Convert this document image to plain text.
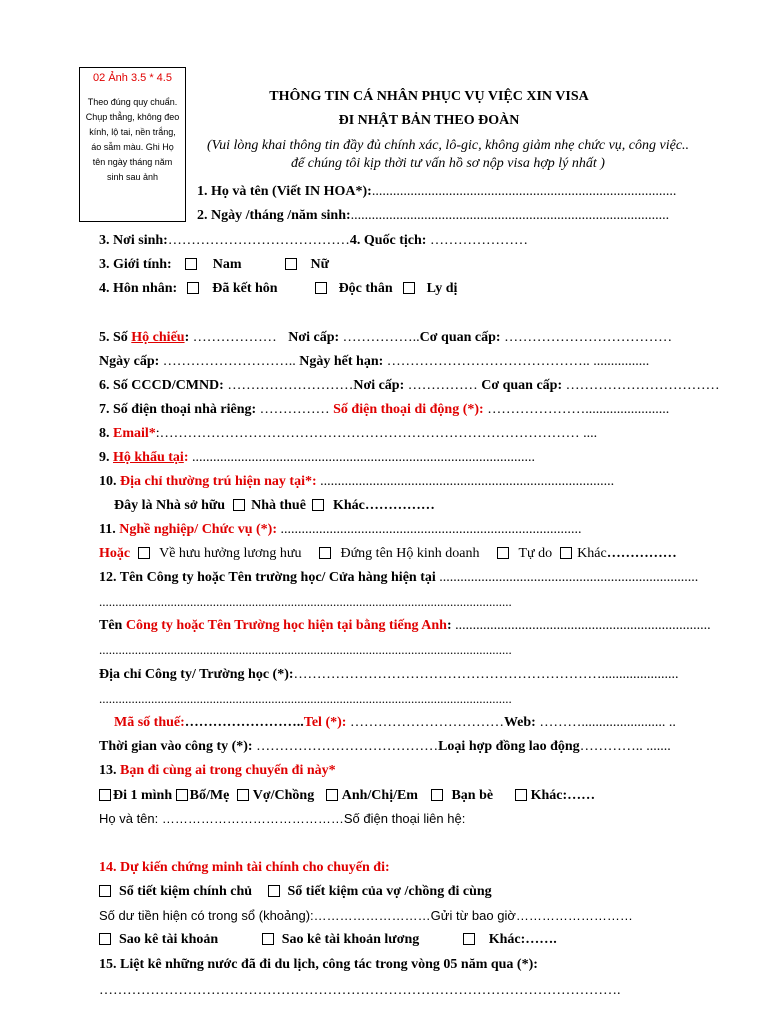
02 Ảnh 3.5 * 4.5
Theo đúng quy chuẩn. Chụp thẳng, không đeo kính, lộ tai, nền trắng, áo sẫm màu. Ghi Họ tên ngày tháng năm sinh sau ảnh
THÔNG TIN CÁ NHÂN PHỤC VỤ VIỆC XIN VISA
ĐI NHẬT BẢN THEO ĐOÀN
(Vui lòng khai thông tin đầy đủ chính xác, lô-gic, không giảm nhẹ chức vụ, công việc..
để chúng tôi kịp thời tư vấn hồ sơ nộp visa hợp lý nhất )
1. Họ và tên (Viết IN HOA*):.......................................................................................
2. Ngày /tháng /năm sinh:...........................................................................................
3. Nơi sinh:…………………………………4. Quốc tịch: …………………
3. Giới tính:	Nam	Nữ
4. Hôn nhân:	Đã kết hôn	Độc thân Ly dị
5. Số Hộ chiếu: ……………… Nơi cấp: ……………..Cơ quan cấp: ………………………………
Ngày cấp: ……………………….. Ngày hết hạn: …………………………………….. ................
6. Số CCCD/CMND: ………………………Nơi cấp: …………… Cơ quan cấp: ……………………………
7. Số điện thoại nhà riêng: …………… Số điện thoại di động (*): …………………........................
8. Email*:……………………………………………………………………………… ....
9. Hộ khẩu tại: ..................................................................................................
10. Địa chỉ thường trú hiện nay tại*: ....................................................................................
Đây là Nhà sở hữu Nhà thuê Khác……………
11. Nghề nghiệp/ Chức vụ (*): ......................................................................................
Hoặc Về hưu hưởng lương hưu	Đứng tên Hộ kinh doanh	Tự do Khác……………
12. Tên Công ty hoặc Tên trường học/ Cửa hàng hiện tại ..........................................................................
...............................................................................................................................
Tên Công ty hoặc Tên Trường học hiện tại bằng tiếng Anh: .........................................................................
...............................................................................................................................
Địa chỉ Công ty/ Trường học (*):…………………………………………………………......................
...............................................................................................................................
Mã số thuế:……………………..Tel (*): ……………………………Web: ………........................ ..
Thời gian vào công ty (*): …………………………………Loại hợp đồng lao động………….. .......
13. Bạn đi cùng ai trong chuyến đi này*
Đi 1 mình Bố/Mẹ Vợ/Chồng Anh/Chị/Em Bạn bè	Khác:……
Họ và tên: ……………………………………Số điện thoại liên hệ:
14. Dự kiến chứng minh tài chính cho chuyến đi:
Sổ tiết kiệm chính chủ	Sổ tiết kiệm của vợ /chồng đi cùng
Số dư tiền hiện có trong sổ (khoảng):………………………Gửi từ bao giờ………………………
Sao kê tài khoản	Sao kê tài khoản lương	Khác:…….
15. Liệt kê những nước đã đi du lịch, công tác trong vòng 05 năm qua (*):
………………………………………………………………………………………………….
